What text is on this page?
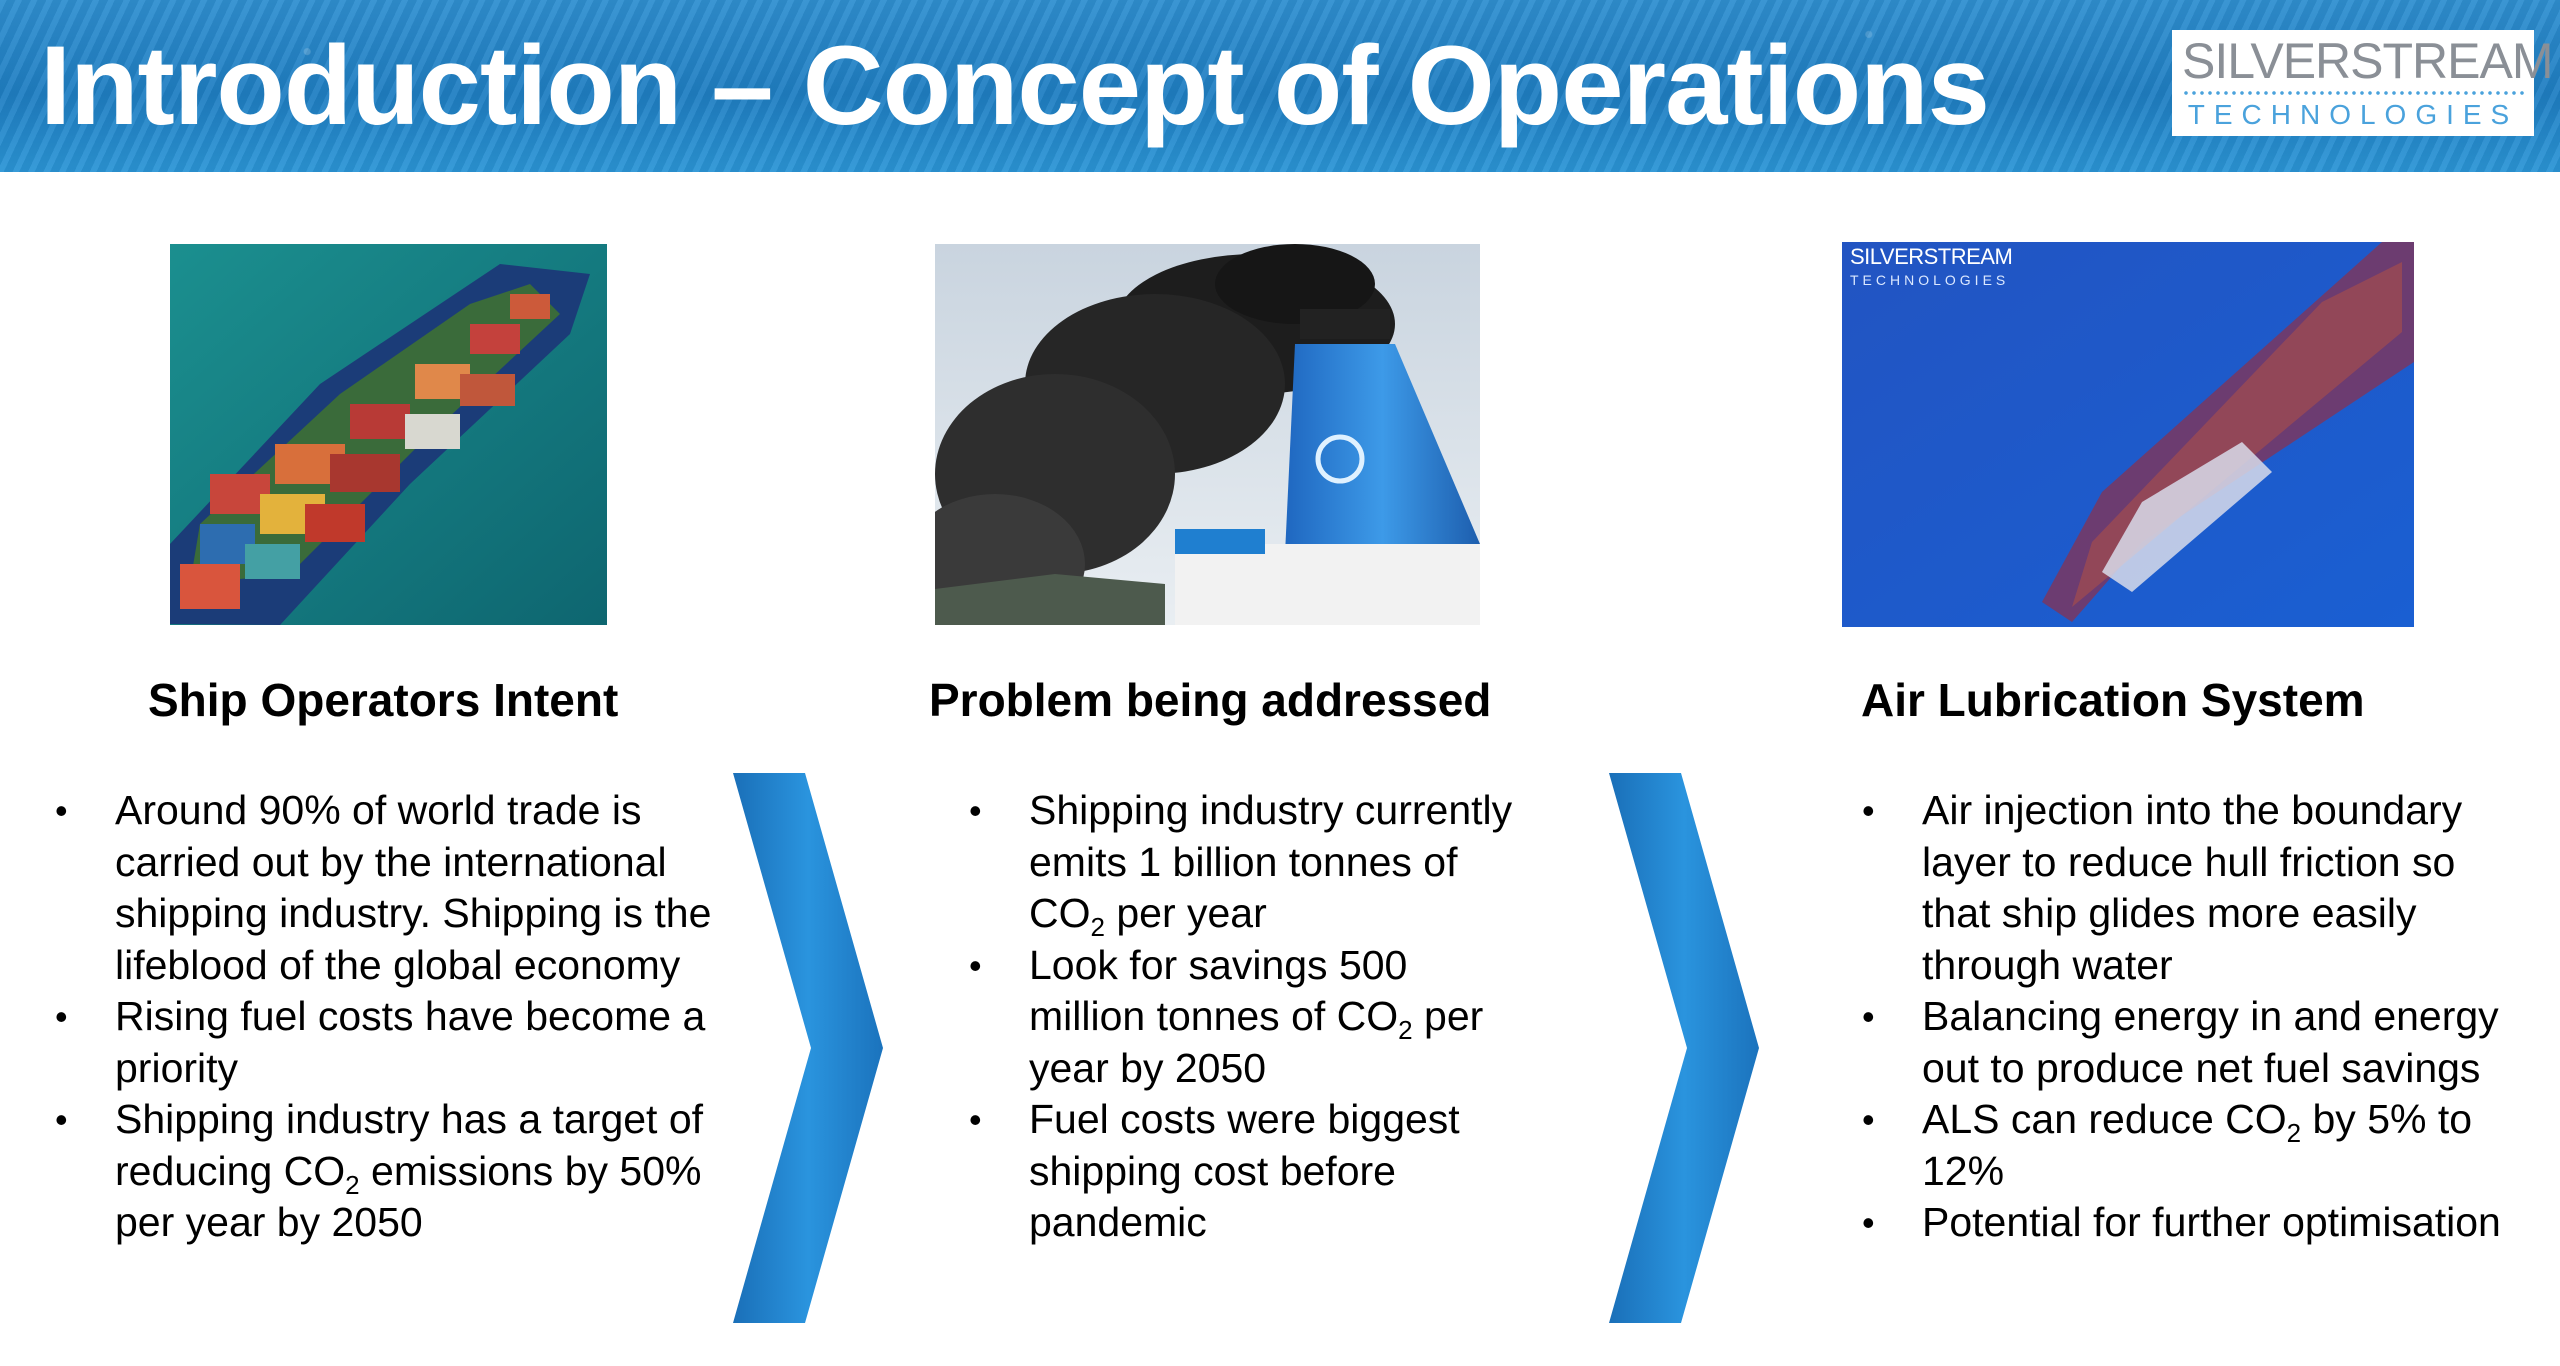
Introduction – Concept of Operations	SILVERSTREAM
TECHNOLOGIES
SILVERSTREAM
TECHNOLOGIES
Ship Operators Intent	Problem being addressed	Air Lubrication System
• Around 90% of world trade is carried out by the international shipping industry. Shipping is the lifeblood of the global economy
• Rising fuel costs have become a priority
• Shipping industry has a target of reducing $CO_2$ emissions by 50% per year by 2050
• Shipping industry currently emits 1 billion tonnes of $CO_2$ per year
• Look for savings 500 million tonnes of $CO_2$ per year by 2050
• Fuel costs were biggest shipping cost before pandemic
• Air injection into the boundary layer to reduce hull friction so that ship glides more easily through water
• Balancing energy in and energy out to produce net fuel savings
• ALS can reduce $CO_2$ by 5% to 12%
• Potential for further optimisation
